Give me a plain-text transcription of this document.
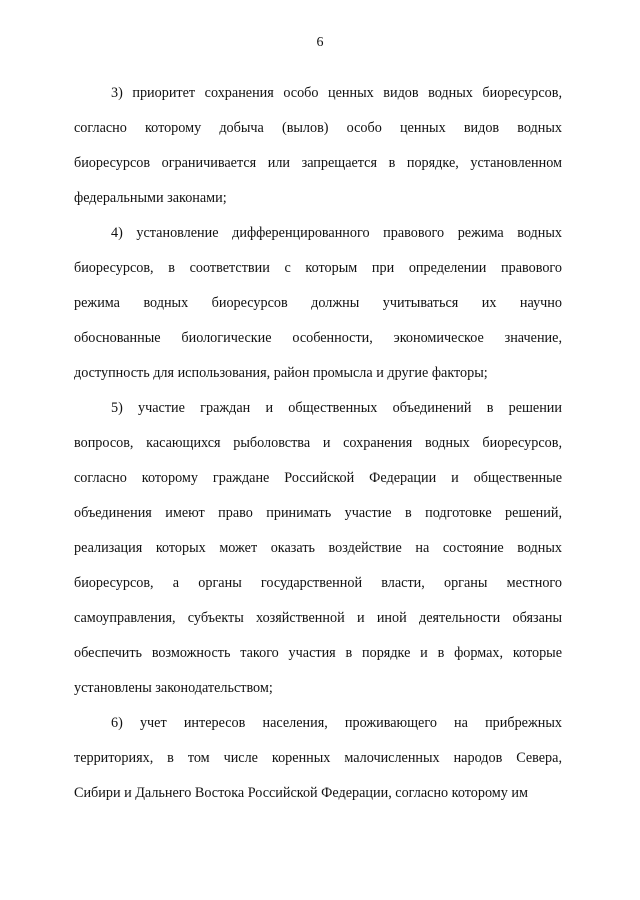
6
3) приоритет сохранения особо ценных видов водных биоресурсов,
согласно которому добыча (вылов) особо ценных видов водных
биоресурсов ограничивается или запрещается в порядке, установленном
федеральными законами;
4) установление дифференцированного правового режима водных
биоресурсов, в соответствии с которым при определении правового
режима водных биоресурсов должны учитываться их научно
обоснованные биологические особенности, экономическое значение,
доступность для использования, район промысла и другие факторы;
5) участие граждан и общественных объединений в решении
вопросов, касающихся рыболовства и сохранения водных биоресурсов,
согласно которому граждане Российской Федерации и общественные
объединения имеют право принимать участие в подготовке решений,
реализация которых может оказать воздействие на состояние водных
биоресурсов, а органы государственной власти, органы местного
самоуправления, субъекты хозяйственной и иной деятельности обязаны
обеспечить возможность такого участия в порядке и в формах, которые
установлены законодательством;
6) учет интересов населения, проживающего на прибрежных
территориях, в том числе коренных малочисленных народов Севера,
Сибири и Дальнего Востока Российской Федерации, согласно которому им
